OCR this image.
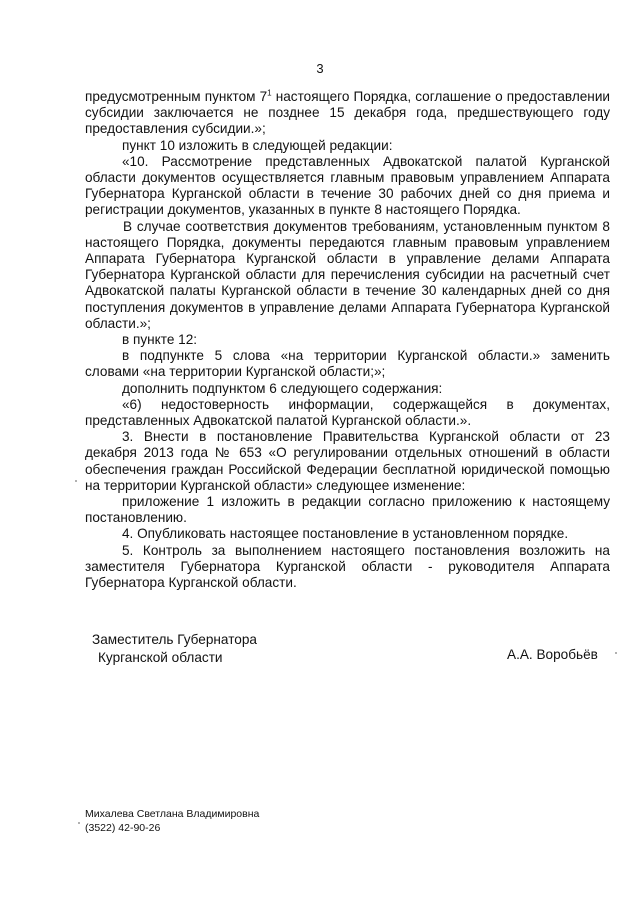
3

предусмотренным пунктом $7^1$ настоящего Порядка, соглашение о предоставлении субсидии заключается не позднее 15 декабря года, предшествующего году предоставления субсидии.»;

пункт 10 изложить в следующей редакции:

«10. Рассмотрение представленных Адвокатской палатой Курганской области документов осуществляется главным правовым управлением Аппарата Губернатора Курганской области в течение 30 рабочих дней со дня приема и регистрации документов, указанных в пункте 8 настоящего Порядка.

В случае соответствия документов требованиям, установленным пунктом 8 настоящего Порядка, документы передаются главным правовым управлением Аппарата Губернатора Курганской области в управление делами Аппарата Губернатора Курганской области для перечисления субсидии на расчетный счет Адвокатской палаты Курганской области в течение 30 календарных дней со дня поступления документов в управление делами Аппарата Губернатора Курганской области.»;

в пункте 12:

в подпункте 5 слова «на территории Курганской области.» заменить словами «на территории Курганской области;»;

дополнить подпунктом 6 следующего содержания:

«6) недостоверность информации, содержащейся в документах, представленных Адвокатской палатой Курганской области.».

3. Внести в постановление Правительства Курганской области от 23 декабря 2013 года № 653 «О регулировании отдельных отношений в области обеспечения граждан Российской Федерации бесплатной юридической помощью на территории Курганской области» следующее изменение:

приложение 1 изложить в редакции согласно приложению к настоящему постановлению.

4. Опубликовать настоящее постановление в установленном порядке.

5. Контроль за выполнением настоящего постановления возложить на заместителя Губернатора Курганской области - руководителя Аппарата Губернатора Курганской области.

Заместитель Губернатора
Курганской области	А.А. Воробьёв
Михалева Светлана Владимировна
(3522) 42-90-26
